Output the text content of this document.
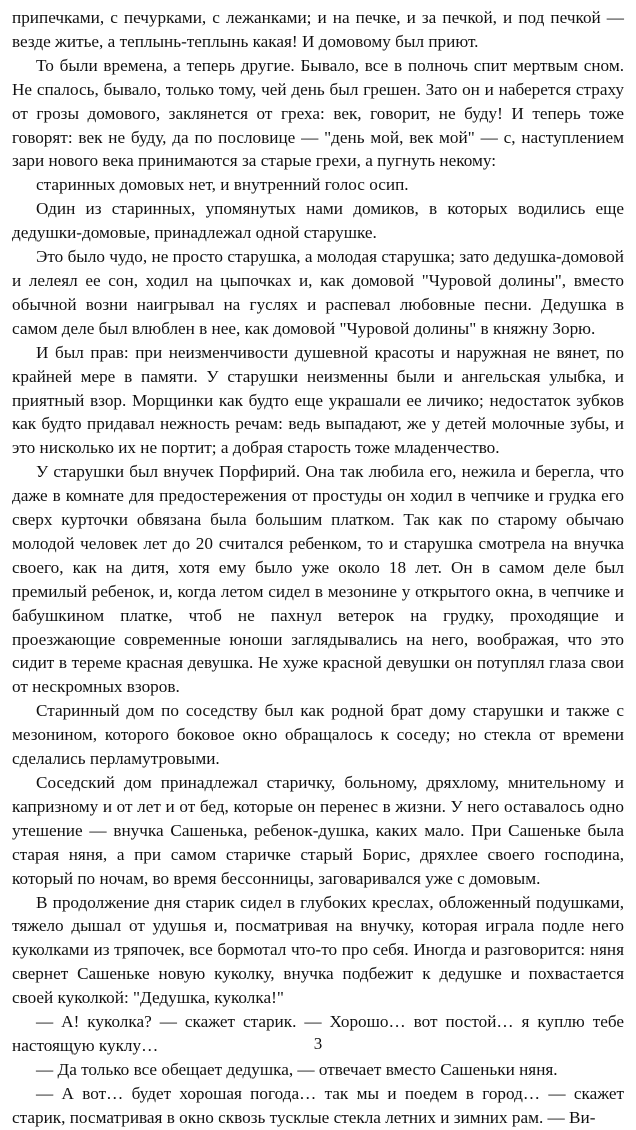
припечками, с печурками, с лежанками; и на печке, и за печкой, и под печкой — везде житье, а теплынь-теплынь какая! И домовому был приют.

То были времена, а теперь другие. Бывало, все в полночь спит мертвым сном. Не спалось, бывало, только тому, чей день был грешен. Зато он и наберется страху от грозы домового, заклянется от греха: век, говорит, не буду! И теперь тоже говорят: век не буду, да по пословице — "день мой, век мой" — с, наступлением зари нового века принимаются за старые грехи, а пугнуть некому:

старинных домовых нет, и внутренний голос осип.

Один из старинных, упомянутых нами домиков, в которых водились еще дедушки-домовые, принадлежал одной старушке.

Это было чудо, не просто старушка, а молодая старушка; зато дедушка-домовой и лелеял ее сон, ходил на цыпочках и, как домовой "Чуровой долины", вместо обычной возни наигрывал на гуслях и распевал любовные песни. Дедушка в самом деле был влюблен в нее, как домовой "Чуровой долины" в княжну Зорю.

И был прав: при неизменчивости душевной красоты и наружная не вянет, по крайней мере в памяти. У старушки неизменны были и ангельская улыбка, и приятный взор. Морщинки как будто еще украшали ее личико; недостаток зубков как будто придавал нежность речам: ведь выпадают, же у детей молочные зубы, и это нисколько их не портит; а добрая старость тоже младенчество.

У старушки был внучек Порфирий. Она так любила его, нежила и берегла, что даже в комнате для предостережения от простуды он ходил в чепчике и грудка его сверх курточки обвязана была большим платком. Так как по старому обычаю молодой человек лет до 20 считался ребенком, то и старушка смотрела на внучка своего, как на дитя, хотя ему было уже около 18 лет. Он в самом деле был премилый ребенок, и, когда летом сидел в мезонине у открытого окна, в чепчике и бабушкином платке, чтоб не пахнул ветерок на грудку, проходящие и проезжающие современные юноши заглядывались на него, воображая, что это сидит в тереме красная девушка. Не хуже красной девушки он потуплял глаза свои от нескромных взоров.

Старинный дом по соседству был как родной брат дому старушки и также с мезонином, которого боковое окно обращалось к соседу; но стекла от времени сделались перламутровыми.

Соседский дом принадлежал старичку, больному, дряхлому, мнительному и капризному и от лет и от бед, которые он перенес в жизни. У него оставалось одно утешение — внучка Сашенька, ребенок-душка, каких мало. При Сашеньке была старая няня, а при самом старичке старый Борис, дряхлее своего господина, который по ночам, во время бессонницы, заговаривался уже с домовым.

В продолжение дня старик сидел в глубоких креслах, обложенный подушками, тяжело дышал от удушья и, посматривая на внучку, которая играла подле него куколками из тряпочек, все бормотал что-то про себя. Иногда и разговорится: няня свернет Сашеньке новую куколку, внучка подбежит к дедушке и похвастается своей куколкой: "Дедушка, куколка!"

— А! куколка? — скажет старик. — Хорошо… вот постой… я куплю тебе настоящую куклу…

— Да только все обещает дедушка, — отвечает вместо Сашеньки няня.

— А вот… будет хорошая погода… так мы и поедем в город… — скажет старик, посматривая в окно сквозь тусклые стекла летних и зимних рам. — Ви-

3
